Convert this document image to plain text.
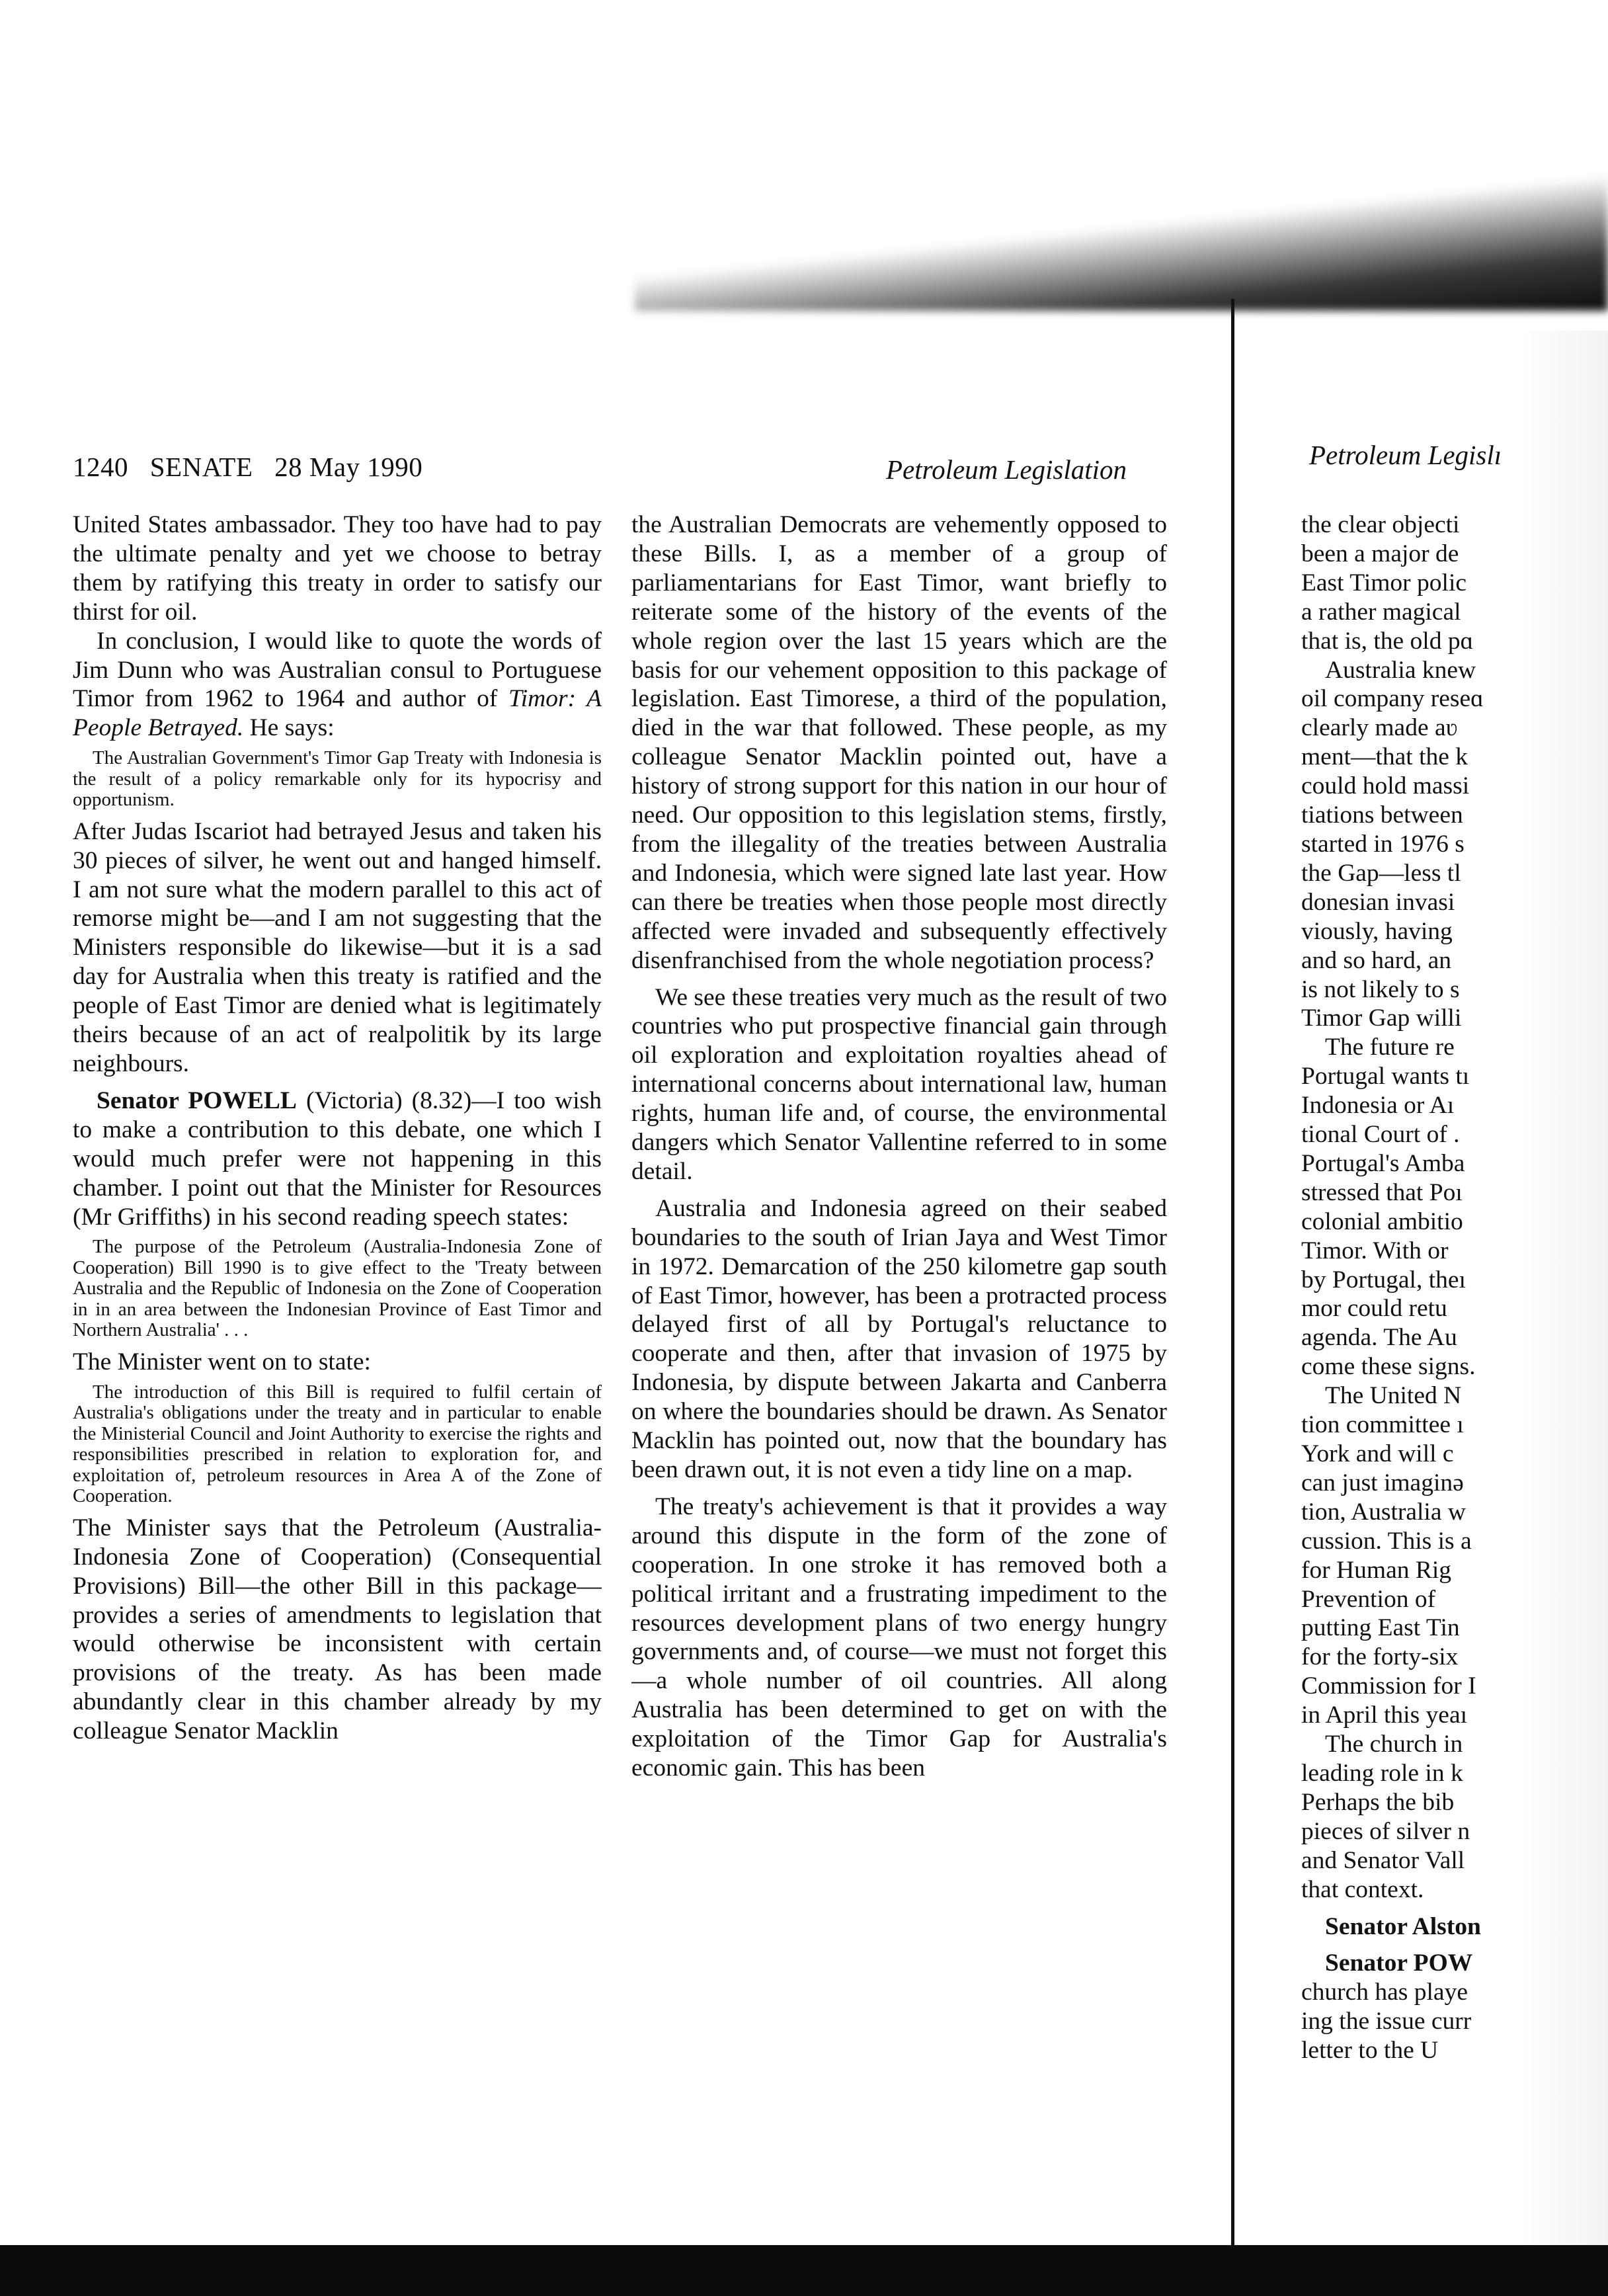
1240 SENATE 28 May 1990	Petroleum Legislation	Petroleum Legislı

United States ambassador. They too have had to pay the ultimate penalty and yet we choose to betray them by ratifying this treaty in order to satisfy our thirst for oil.

In conclusion, I would like to quote the words of Jim Dunn who was Australian consul to Portuguese Timor from 1962 to 1964 and author of Timor: A People Betrayed. He says:

The Australian Government's Timor Gap Treaty with Indonesia is the result of a policy remarkable only for its hypocrisy and opportunism.

After Judas Iscariot had betrayed Jesus and taken his 30 pieces of silver, he went out and hanged himself. I am not sure what the modern parallel to this act of remorse might be—and I am not suggesting that the Ministers responsible do likewise—but it is a sad day for Australia when this treaty is ratified and the people of East Timor are denied what is legitimately theirs because of an act of realpolitik by its large neighbours.

Senator POWELL (Victoria) (8.32)—I too wish to make a contribution to this debate, one which I would much prefer were not happening in this chamber. I point out that the Minister for Resources (Mr Griffiths) in his second reading speech states:

The purpose of the Petroleum (Australia-Indonesia Zone of Cooperation) Bill 1990 is to give effect to the 'Treaty between Australia and the Republic of Indonesia on the Zone of Cooperation in in an area between the Indonesian Province of East Timor and Northern Australia' . . .

The Minister went on to state:

The introduction of this Bill is required to fulfil certain of Australia's obligations under the treaty and in particular to enable the Ministerial Council and Joint Authority to exercise the rights and responsibilities prescribed in relation to exploration for, and exploitation of, petroleum resources in Area A of the Zone of Cooperation.

The Minister says that the Petroleum (Australia-Indonesia Zone of Cooperation) (Consequential Provisions) Bill—the other Bill in this package—provides a series of amendments to legislation that would otherwise be inconsistent with certain provisions of the treaty. As has been made abundantly clear in this chamber already by my colleague Senator Macklin

the Australian Democrats are vehemently opposed to these Bills. I, as a member of a group of parliamentarians for East Timor, want briefly to reiterate some of the history of the events of the whole region over the last 15 years which are the basis for our vehement opposition to this package of legislation. East Timorese, a third of the population, died in the war that followed. These people, as my colleague Senator Macklin pointed out, have a history of strong support for this nation in our hour of need. Our opposition to this legislation stems, firstly, from the illegality of the treaties between Australia and Indonesia, which were signed late last year. How can there be treaties when those people most directly affected were invaded and subsequently effectively disenfranchised from the whole negotiation process?

We see these treaties very much as the result of two countries who put prospective financial gain through oil exploration and exploitation royalties ahead of international concerns about international law, human rights, human life and, of course, the environmental dangers which Senator Vallentine referred to in some detail.

Australia and Indonesia agreed on their seabed boundaries to the south of Irian Jaya and West Timor in 1972. Demarcation of the 250 kilometre gap south of East Timor, however, has been a protracted process delayed first of all by Portugal's reluctance to cooperate and then, after that invasion of 1975 by Indonesia, by dispute between Jakarta and Canberra on where the boundaries should be drawn. As Senator Macklin has pointed out, now that the boundary has been drawn out, it is not even a tidy line on a map.

The treaty's achievement is that it provides a way around this dispute in the form of the zone of cooperation. In one stroke it has removed both a political irritant and a frustrating impediment to the resources development plans of two energy hungry governments and, of course—we must not forget this—a whole number of oil countries. All along Australia has been determined to get on with the exploitation of the Timor Gap for Australia's economic gain. This has been

the clear objecti
been a major de
East Timor polic
a rather magical
that is, the old pɑ
Australia knew
oil company reseɑ
clearly made aʋ
ment—that the k
could hold massi
tiations between
started in 1976 s
the Gap—less tl
donesian invasi
viously, having
and so hard, an
is not likely to s
Timor Gap willi
The future re
Portugal wants tı
Indonesia or Aı
tional Court of .
Portugal's Amba
stressed that Poı
colonial ambitio
Timor. With or
by Portugal, theı
mor could retu
agenda. The Au
come these signs.
The United N
tion committee ı
York and will c
can just imaginə
tion, Australia w
cussion. This is a
for Human Rig
Prevention of
putting East Tin
for the forty-siх
Commission for I
in April this yeaı
The church in
leading role in k
Perhaps the bib
pieces of silver n
and Senator Vall
that context.
Senator Alston
Senator POW
church has playe
ing the issue curr
letter to the U
